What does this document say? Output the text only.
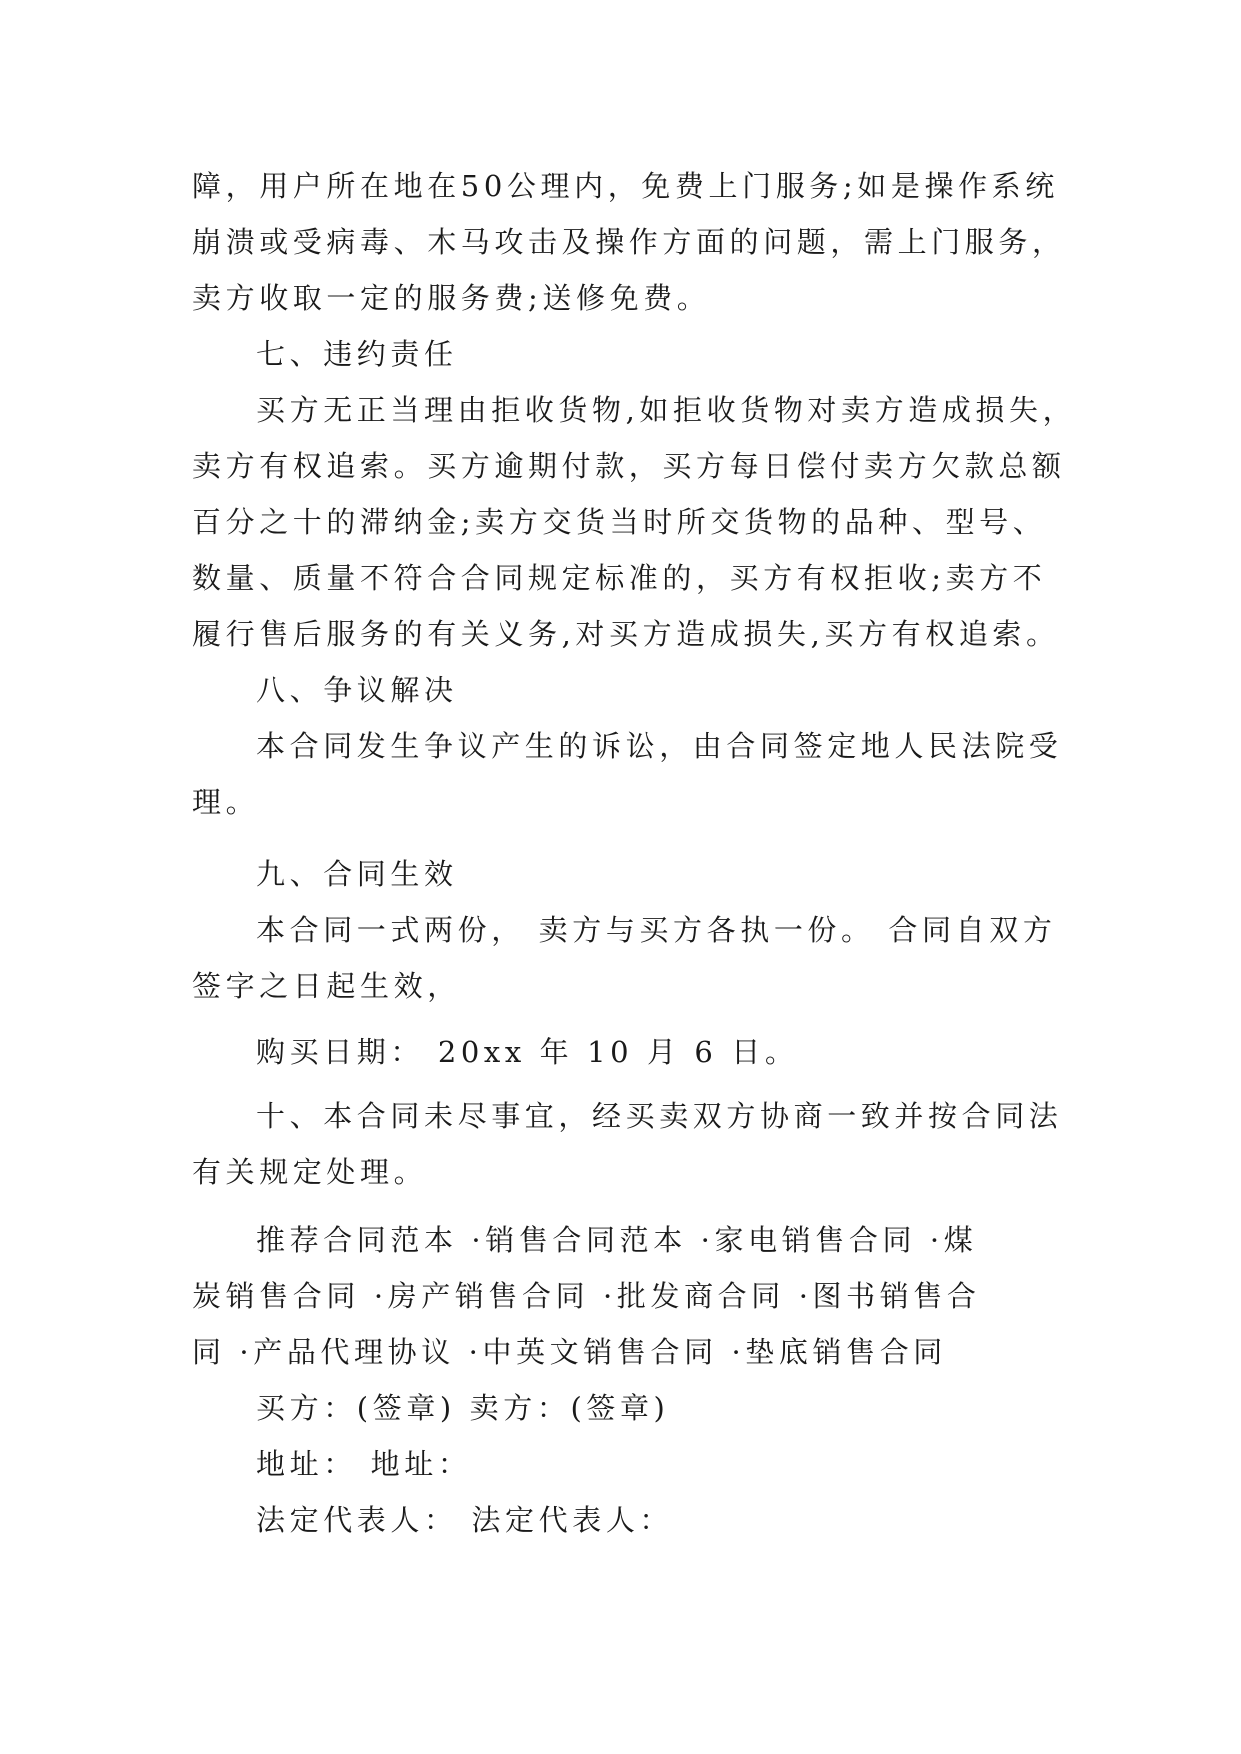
障，用户所在地在50公理内，免费上门服务;如是操作系统
崩溃或受病毒、木马攻击及操作方面的问题，需上门服务，
卖方收取一定的服务费;送修免费。
七、违约责任
买方无正当理由拒收货物,如拒收货物对卖方造成损失，
卖方有权追索。买方逾期付款，买方每日偿付卖方欠款总额
百分之十的滞纳金;卖方交货当时所交货物的品种、型号、
数量、质量不符合合同规定标准的，买方有权拒收;卖方不
履行售后服务的有关义务,对买方造成损失,买方有权追索。
八、争议解决
本合同发生争议产生的诉讼，由合同签定地人民法院受
理。
九、合同生效
本合同一式两份， 卖方与买方各执一份。 合同自双方
签字之日起生效，
购买日期： 20xx 年 10 月 6 日。
十、本合同未尽事宜，经买卖双方协商一致并按合同法
有关规定处理。
推荐合同范本 ·销售合同范本 ·家电销售合同 ·煤
炭销售合同 ·房产销售合同 ·批发商合同 ·图书销售合
同 ·产品代理协议 ·中英文销售合同 ·垫底销售合同
买方：(签章) 卖方：(签章)
地址： 地址：
法定代表人： 法定代表人：
